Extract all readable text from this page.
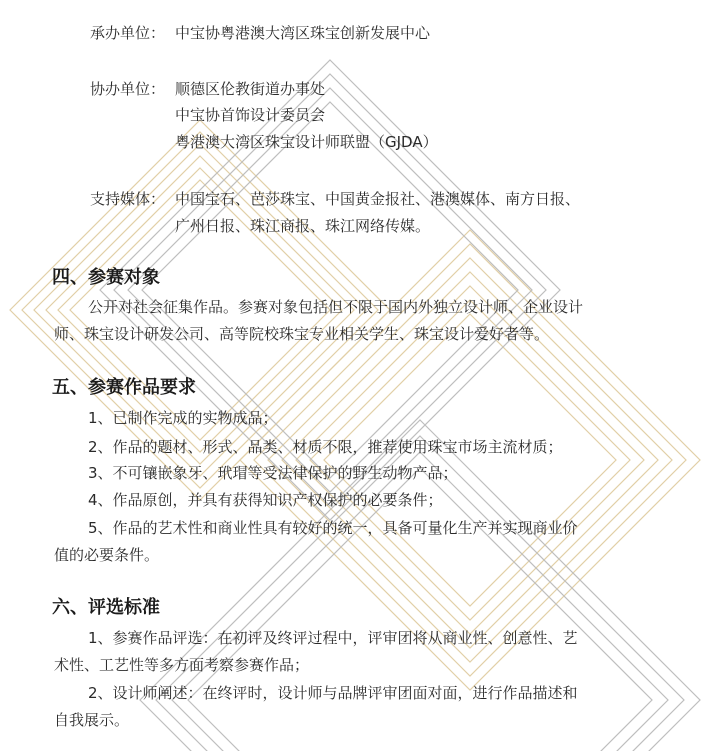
承办单位： 中宝协粤港澳大湾区珠宝创新发展中心
协办单位： 顺德区伦教街道办事处
中宝协首饰设计委员会
粤港澳大湾区珠宝设计师联盟（GJDA）
支持媒体： 中国宝石、芭莎珠宝、中国黄金报社、港澳媒体、南方日报、
广州日报、珠江商报、珠江网络传媒。
四、参赛对象
公开对社会征集作品。参赛对象包括但不限于国内外独立设计师、企业设计
师、珠宝设计研发公司、高等院校珠宝专业相关学生、珠宝设计爱好者等。
五、参赛作品要求
1、已制作完成的实物成品；
2、作品的题材、形式、品类、材质不限，推荐使用珠宝市场主流材质；
3、不可镶嵌象牙、玳瑁等受法律保护的野生动物产品；
4、作品原创，并具有获得知识产权保护的必要条件；
5、作品的艺术性和商业性具有较好的统一，具备可量化生产并实现商业价
值的必要条件。
六、评选标准
1、参赛作品评选：在初评及终评过程中，评审团将从商业性、创意性、艺
术性、工艺性等多方面考察参赛作品；
2、设计师阐述：在终评时，设计师与品牌评审团面对面，进行作品描述和
自我展示。
